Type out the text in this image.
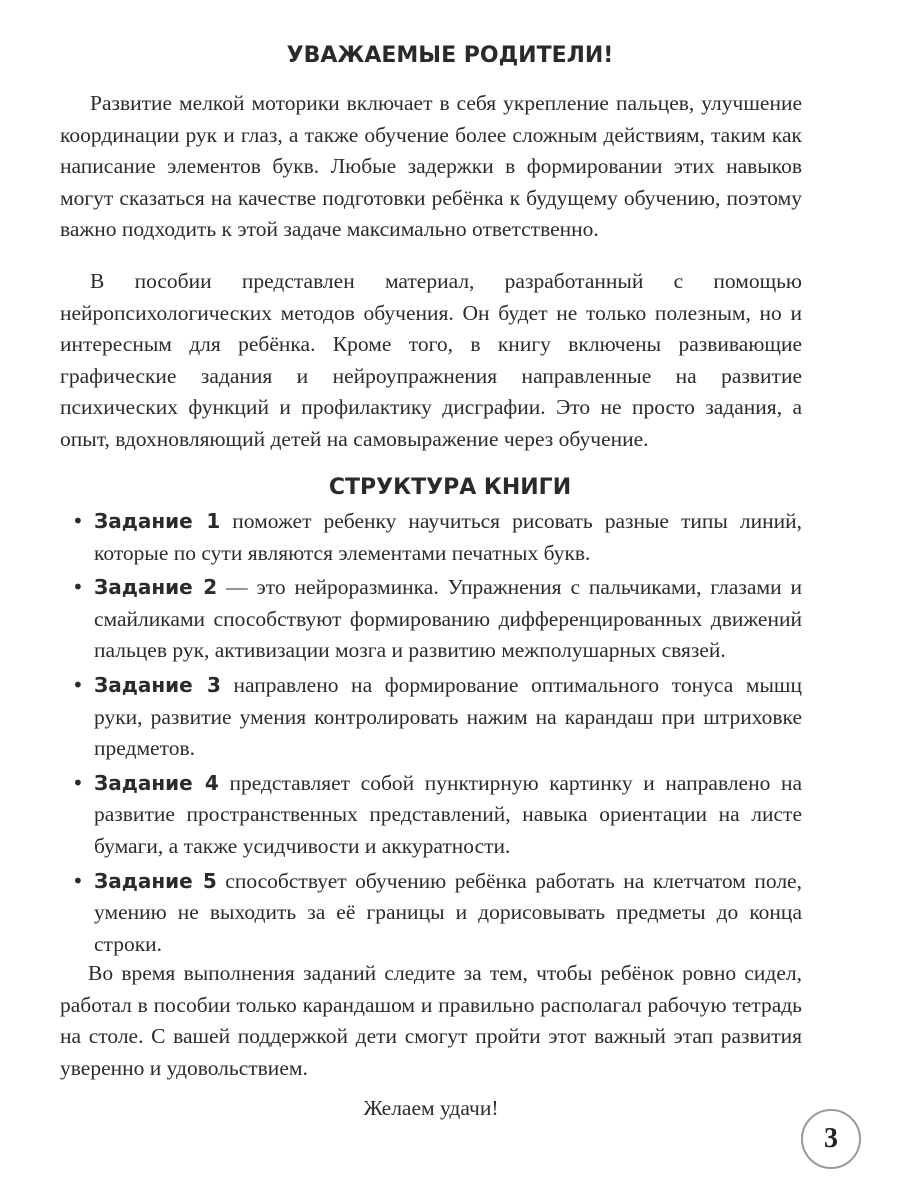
УВАЖАЕМЫЕ РОДИТЕЛИ!

Развитие мелкой моторики включает в себя укрепление пальцев, улучшение координации рук и глаз, а также обучение более сложным действиям, таким как написание элементов букв. Любые задержки в формировании этих навыков могут сказаться на качестве подготовки ребёнка к будущему обучению, поэтому важно подходить к этой задаче максимально ответственно.

В пособии представлен материал, разработанный с помощью нейропсихологических методов обучения. Он будет не только полезным, но и интересным для ребёнка. Кроме того, в книгу включены развивающие графические задания и нейроупражнения направленные на развитие психических функций и профилактику дисграфии. Это не просто задания, а опыт, вдохновляющий детей на самовыражение через обучение.

СТРУКТУРА КНИГИ
• Задание 1 поможет ребенку научиться рисовать разные типы линий, которые по сути являются элементами печатных букв.
• Задание 2 — это нейроразминка. Упражнения с пальчиками, глазами и смайликами способствуют формированию дифференцированных движений пальцев рук, активизации мозга и развитию межполушарных связей.
• Задание 3 направлено на формирование оптимального тонуса мышц руки, развитие умения контролировать нажим на карандаш при штриховке предметов.
• Задание 4 представляет собой пунктирную картинку и направлено на развитие пространственных представлений, навыка ориентации на листе бумаги, а также усидчивости и аккуратности.
• Задание 5 способствует обучению ребёнка работать на клетчатом поле, умению не выходить за её границы и дорисовывать предметы до конца строки.

Во время выполнения заданий следите за тем, чтобы ребёнок ровно сидел, работал в пособии только карандашом и правильно располагал рабочую тетрадь на столе. С вашей поддержкой дети смогут пройти этот важный этап развития уверенно и удовольствием.

Желаем удачи!

3
